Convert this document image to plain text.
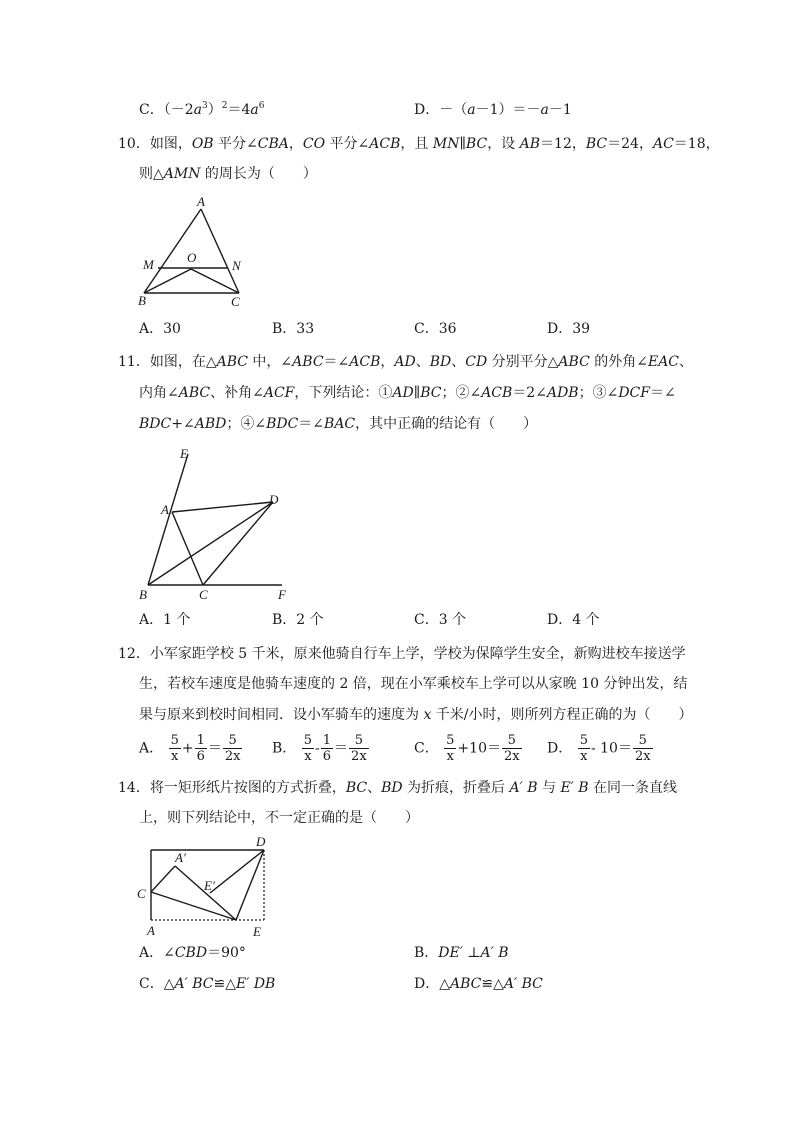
C．$(-2a^3)^2=4a^6$	D．－（a－1）＝－a－1
10．如图，OB 平分∠CBA，CO 平分∠ACB，且 MN∥BC，设 AB＝12，BC＝24，AC＝18，
则△AMN 的周长为（　　）
A
M	O
N
B	C
A．30	B．33	C．36	D．39
11．如图，在△ABC 中，∠ABC＝∠ACB，AD、BD、CD 分别平分△ABC 的外角∠EAC、
内角∠ABC、补角∠ACF，下列结论：①AD∥BC；②∠ACB＝2∠ADB；③∠DCF＝∠
BDC+∠ABD；④∠BDC＝∠BAC，其中正确的结论有（　　）
E
A
D
B	C	F
A．1 个	B．2 个	C．3 个	D．4 个
12．小军家距学校 5 千米，原来他骑自行车上学，学校为保障学生安全，新购进校车接送学
生，若校车速度是他骑车速度的 2 倍，现在小军乘校车上学可以从家晚 10 分钟出发，结
果与原来到校时间相同．设小军骑车的速度为 x 千米/小时，则所列方程正确的为（　　）
A． $\frac{5}{x} + \frac{1}{6} = \frac{5}{2x}$ B． $\frac{5}{x} - \frac{1}{6} = \frac{5}{2x}$	C． $\frac{5}{x} +10= \frac{5}{2x}$ D． $\frac{5}{x} - 10= \frac{5}{2x}$
14．将一矩形纸片按图的方式折叠，BC、BD 为折痕，折叠后 A′ B 与 E′ B 在同一条直线
上，则下列结论中，不一定正确的是（　　）
D
A′
E′
C
A	E
A．∠CBD＝90°	B．DE′ ⊥A′ B
C．△A′ BC≌△E′ DB	D．△ABC≌△A′ BC
